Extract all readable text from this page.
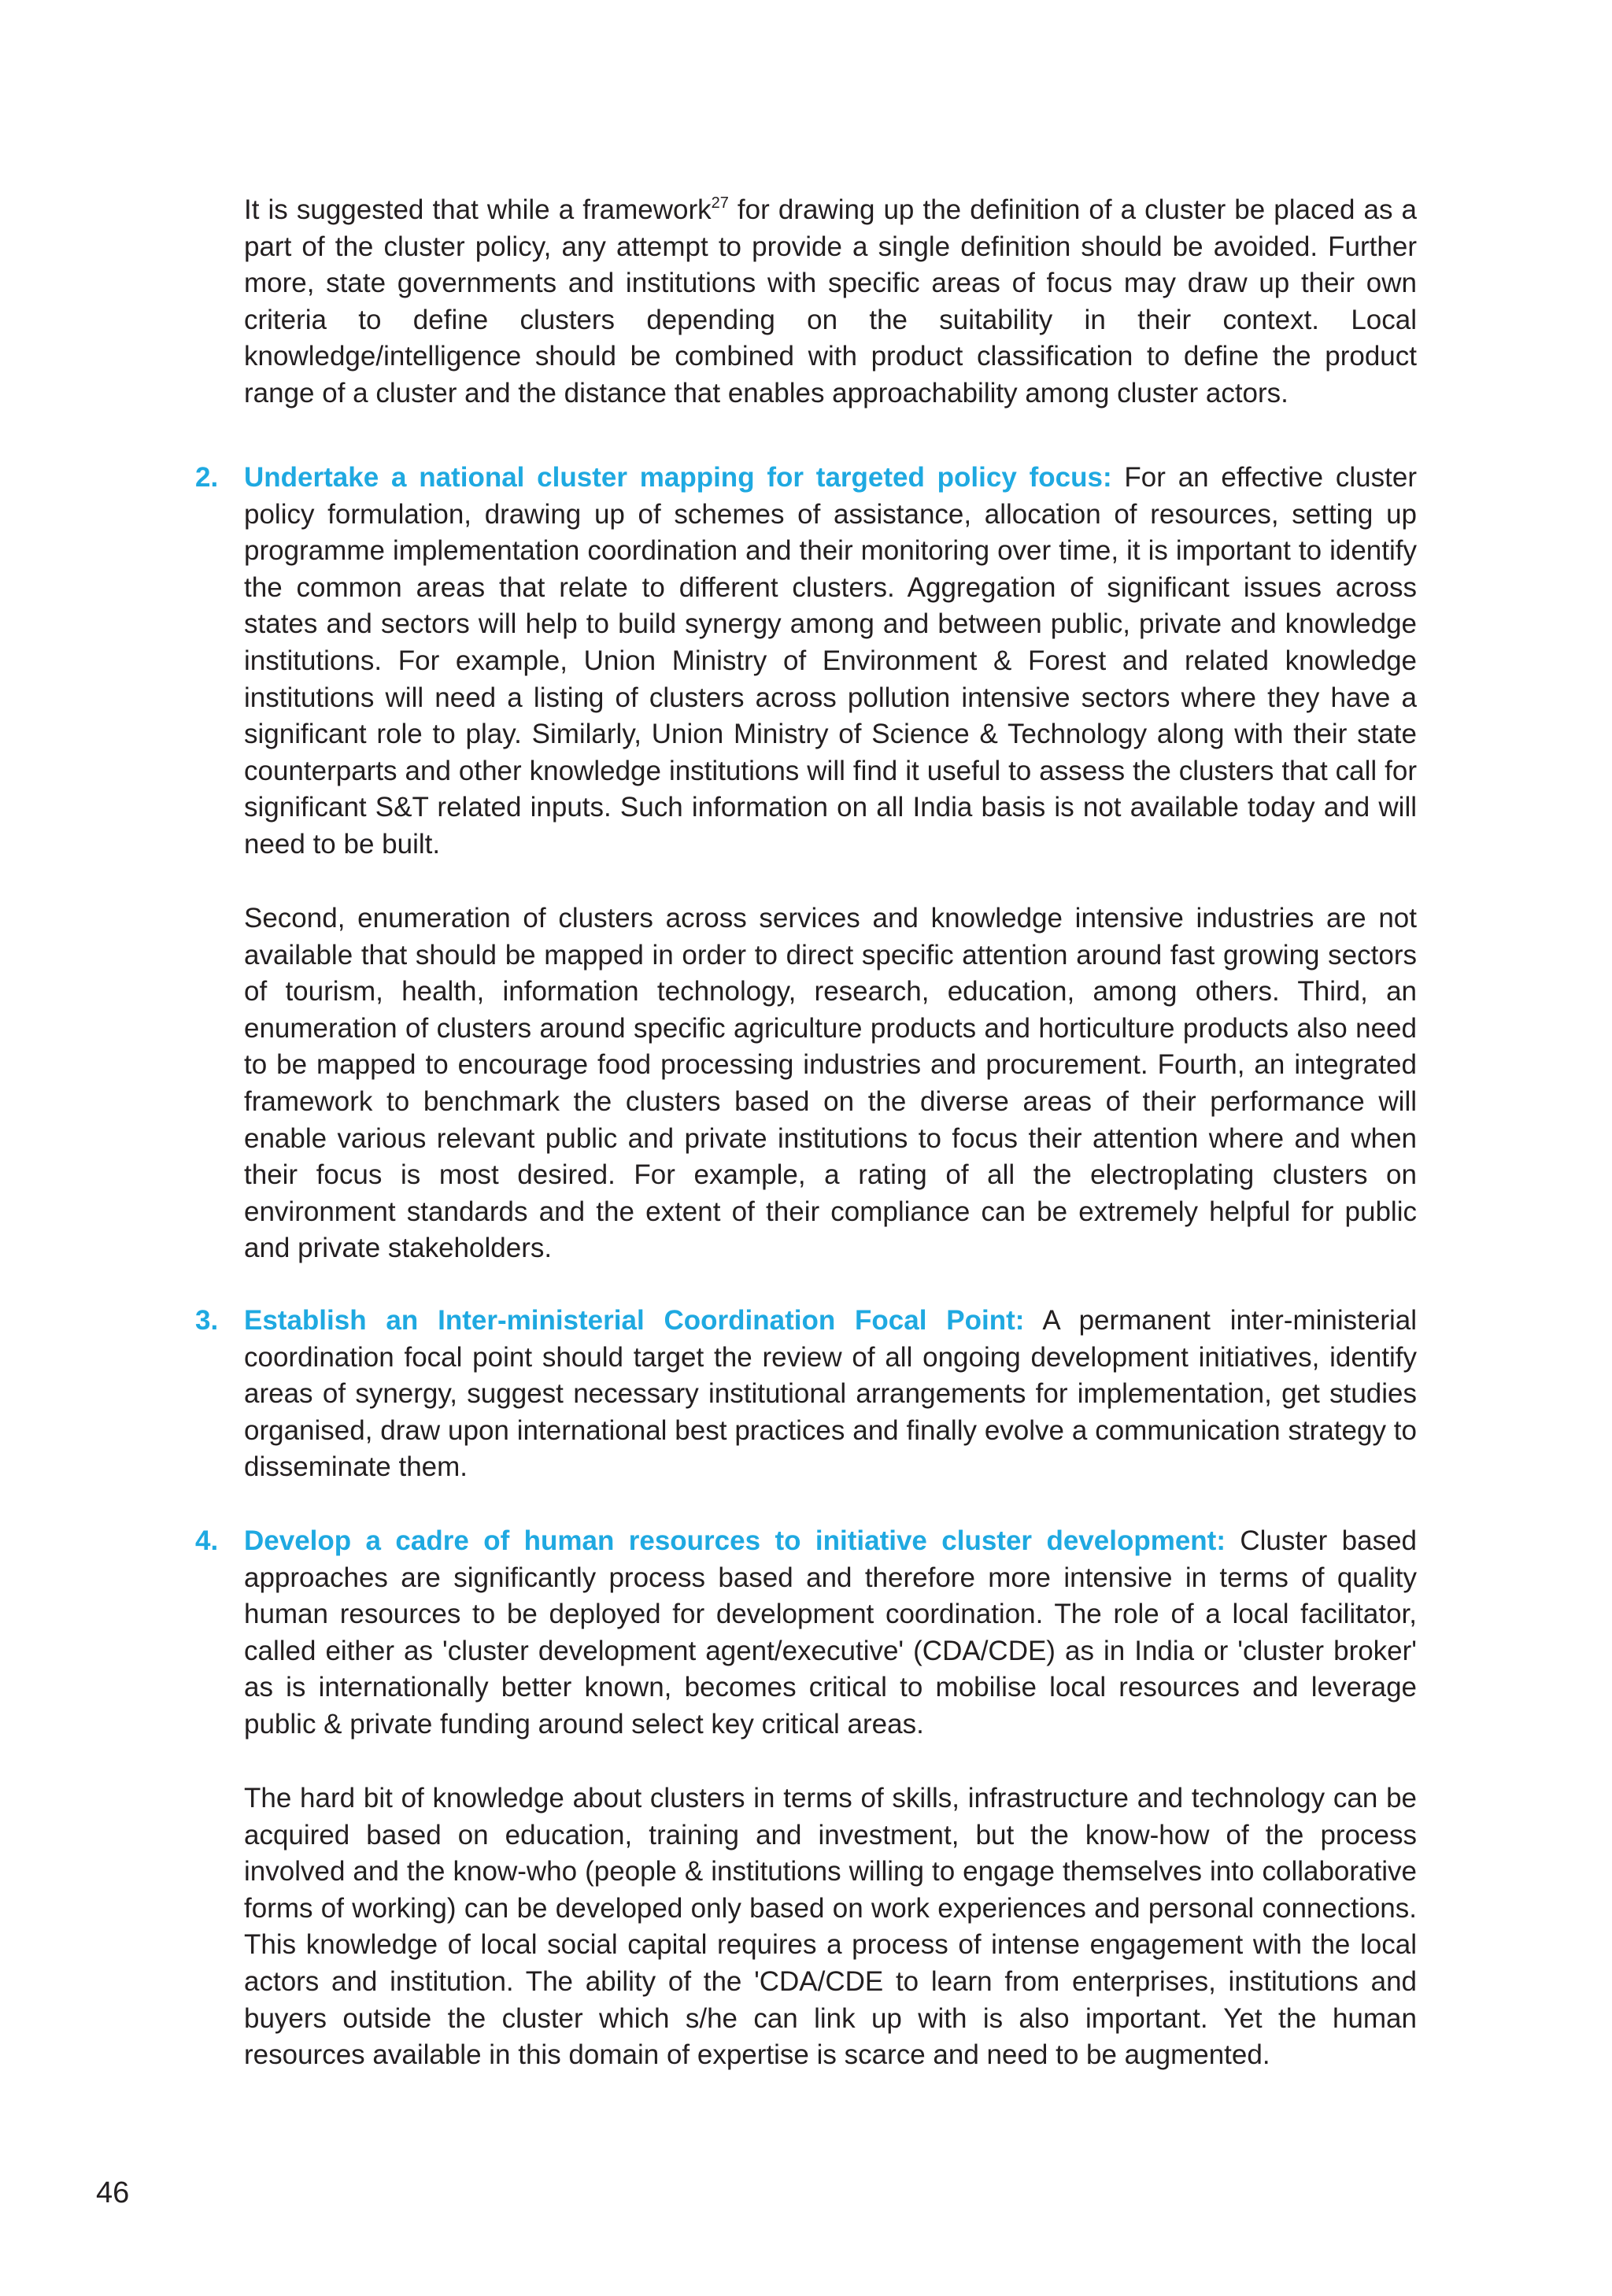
It is suggested that while a framework$^{27}$ for drawing up the definition of a cluster be placed as a part of the cluster policy, any attempt to provide a single definition should be avoided. Further more, state governments and institutions with specific areas of focus may draw up their own criteria to define clusters depending on the suitability in their context. Local knowledge/intelligence should be combined with product classification to define the product range of a cluster and the distance that enables approachability among cluster actors.

2. Undertake a national cluster mapping for targeted policy focus: For an effective cluster policy formulation, drawing up of schemes of assistance, allocation of resources, setting up programme implementation coordination and their monitoring over time, it is important to identify the common areas that relate to different clusters. Aggregation of significant issues across states and sectors will help to build synergy among and between public, private and knowledge institutions. For example, Union Ministry of Environment & Forest and related knowledge institutions will need a listing of clusters across pollution intensive sectors where they have a significant role to play. Similarly, Union Ministry of Science & Technology along with their state counterparts and other knowledge institutions will find it useful to assess the clusters that call for significant S&T related inputs. Such information on all India basis is not available today and will need to be built.

Second, enumeration of clusters across services and knowledge intensive industries are not available that should be mapped in order to direct specific attention around fast growing sectors of tourism, health, information technology, research, education, among others. Third, an enumeration of clusters around specific agriculture products and horticulture products also need to be mapped to encourage food processing industries and procurement. Fourth, an integrated framework to benchmark the clusters based on the diverse areas of their performance will enable various relevant public and private institutions to focus their attention where and when their focus is most desired. For example, a rating of all the electroplating clusters on environment standards and the extent of their compliance can be extremely helpful for public and private stakeholders.

3. Establish an Inter-ministerial Coordination Focal Point: A permanent inter-ministerial coordination focal point should target the review of all ongoing development initiatives, identify areas of synergy, suggest necessary institutional arrangements for implementation, get studies organised, draw upon international best practices and finally evolve a communication strategy to disseminate them.

4. Develop a cadre of human resources to initiative cluster development: Cluster based approaches are significantly process based and therefore more intensive in terms of quality human resources to be deployed for development coordination. The role of a local facilitator, called either as 'cluster development agent/executive' (CDA/CDE) as in India or 'cluster broker' as is internationally better known, becomes critical to mobilise local resources and leverage public & private funding around select key critical areas.

The hard bit of knowledge about clusters in terms of skills, infrastructure and technology can be acquired based on education, training and investment, but the know-how of the process involved and the know-who (people & institutions willing to engage themselves into collaborative forms of working) can be developed only based on work experiences and personal connections. This knowledge of local social capital requires a process of intense engagement with the local actors and institution. The ability of the 'CDA/CDE to learn from enterprises, institutions and buyers outside the cluster which s/he can link up with is also important. Yet the human resources available in this domain of expertise is scarce and need to be augmented.

46
